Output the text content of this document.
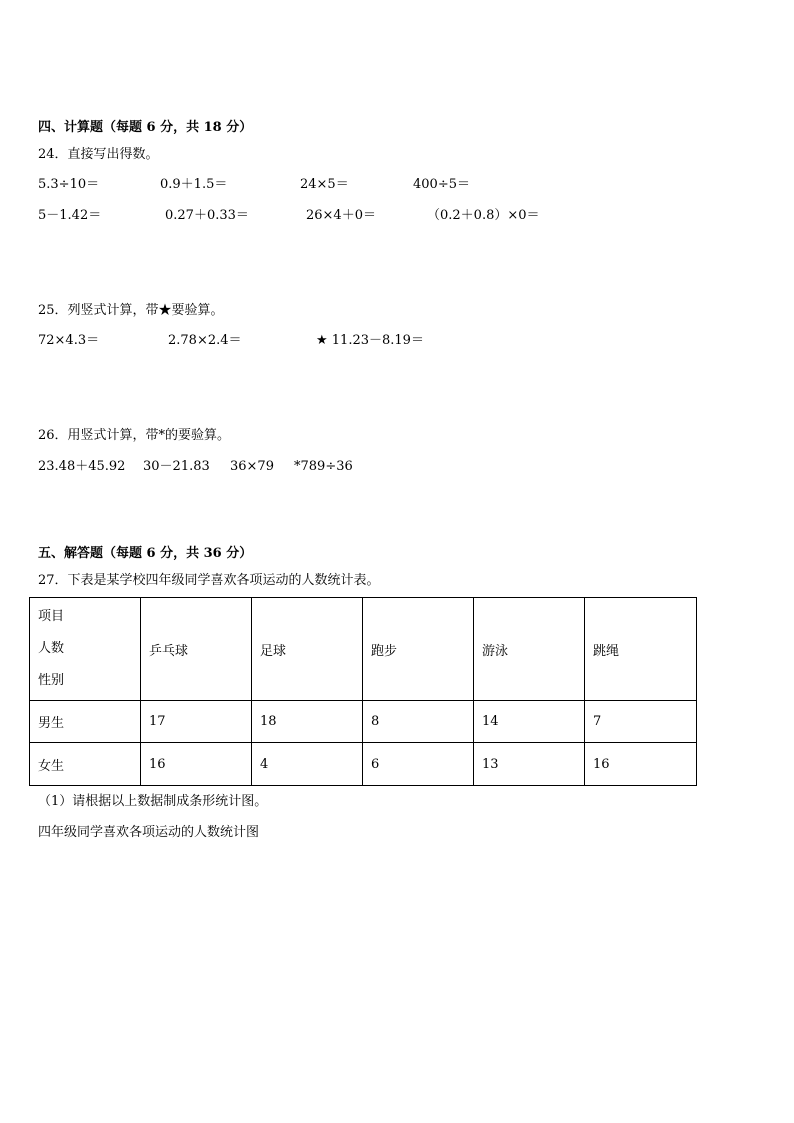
四、计算题（每题 6 分，共 18 分）
24．直接写出得数。
5.3÷10＝	0.9＋1.5＝	24×5＝	400÷5＝
5－1.42＝	0.27＋0.33＝	26×4＋0＝	（0.2＋0.8）×0＝
25．列竖式计算，带★要验算。
72×4.3＝	2.78×2.4＝	★ 11.23－8.19＝
26．用竖式计算，带*的要验算。
23.48＋45.92 30－21.83 36×79 *789÷36
五、解答题（每题 6 分，共 36 分）
27．下表是某学校四年级同学喜欢各项运动的人数统计表。
项目
人数
性别	乒乓球	足球	跑步	游泳	跳绳
男生	17	18	8	14	7
女生	16	4	6	13	16
（1）请根据以上数据制成条形统计图。
四年级同学喜欢各项运动的人数统计图
